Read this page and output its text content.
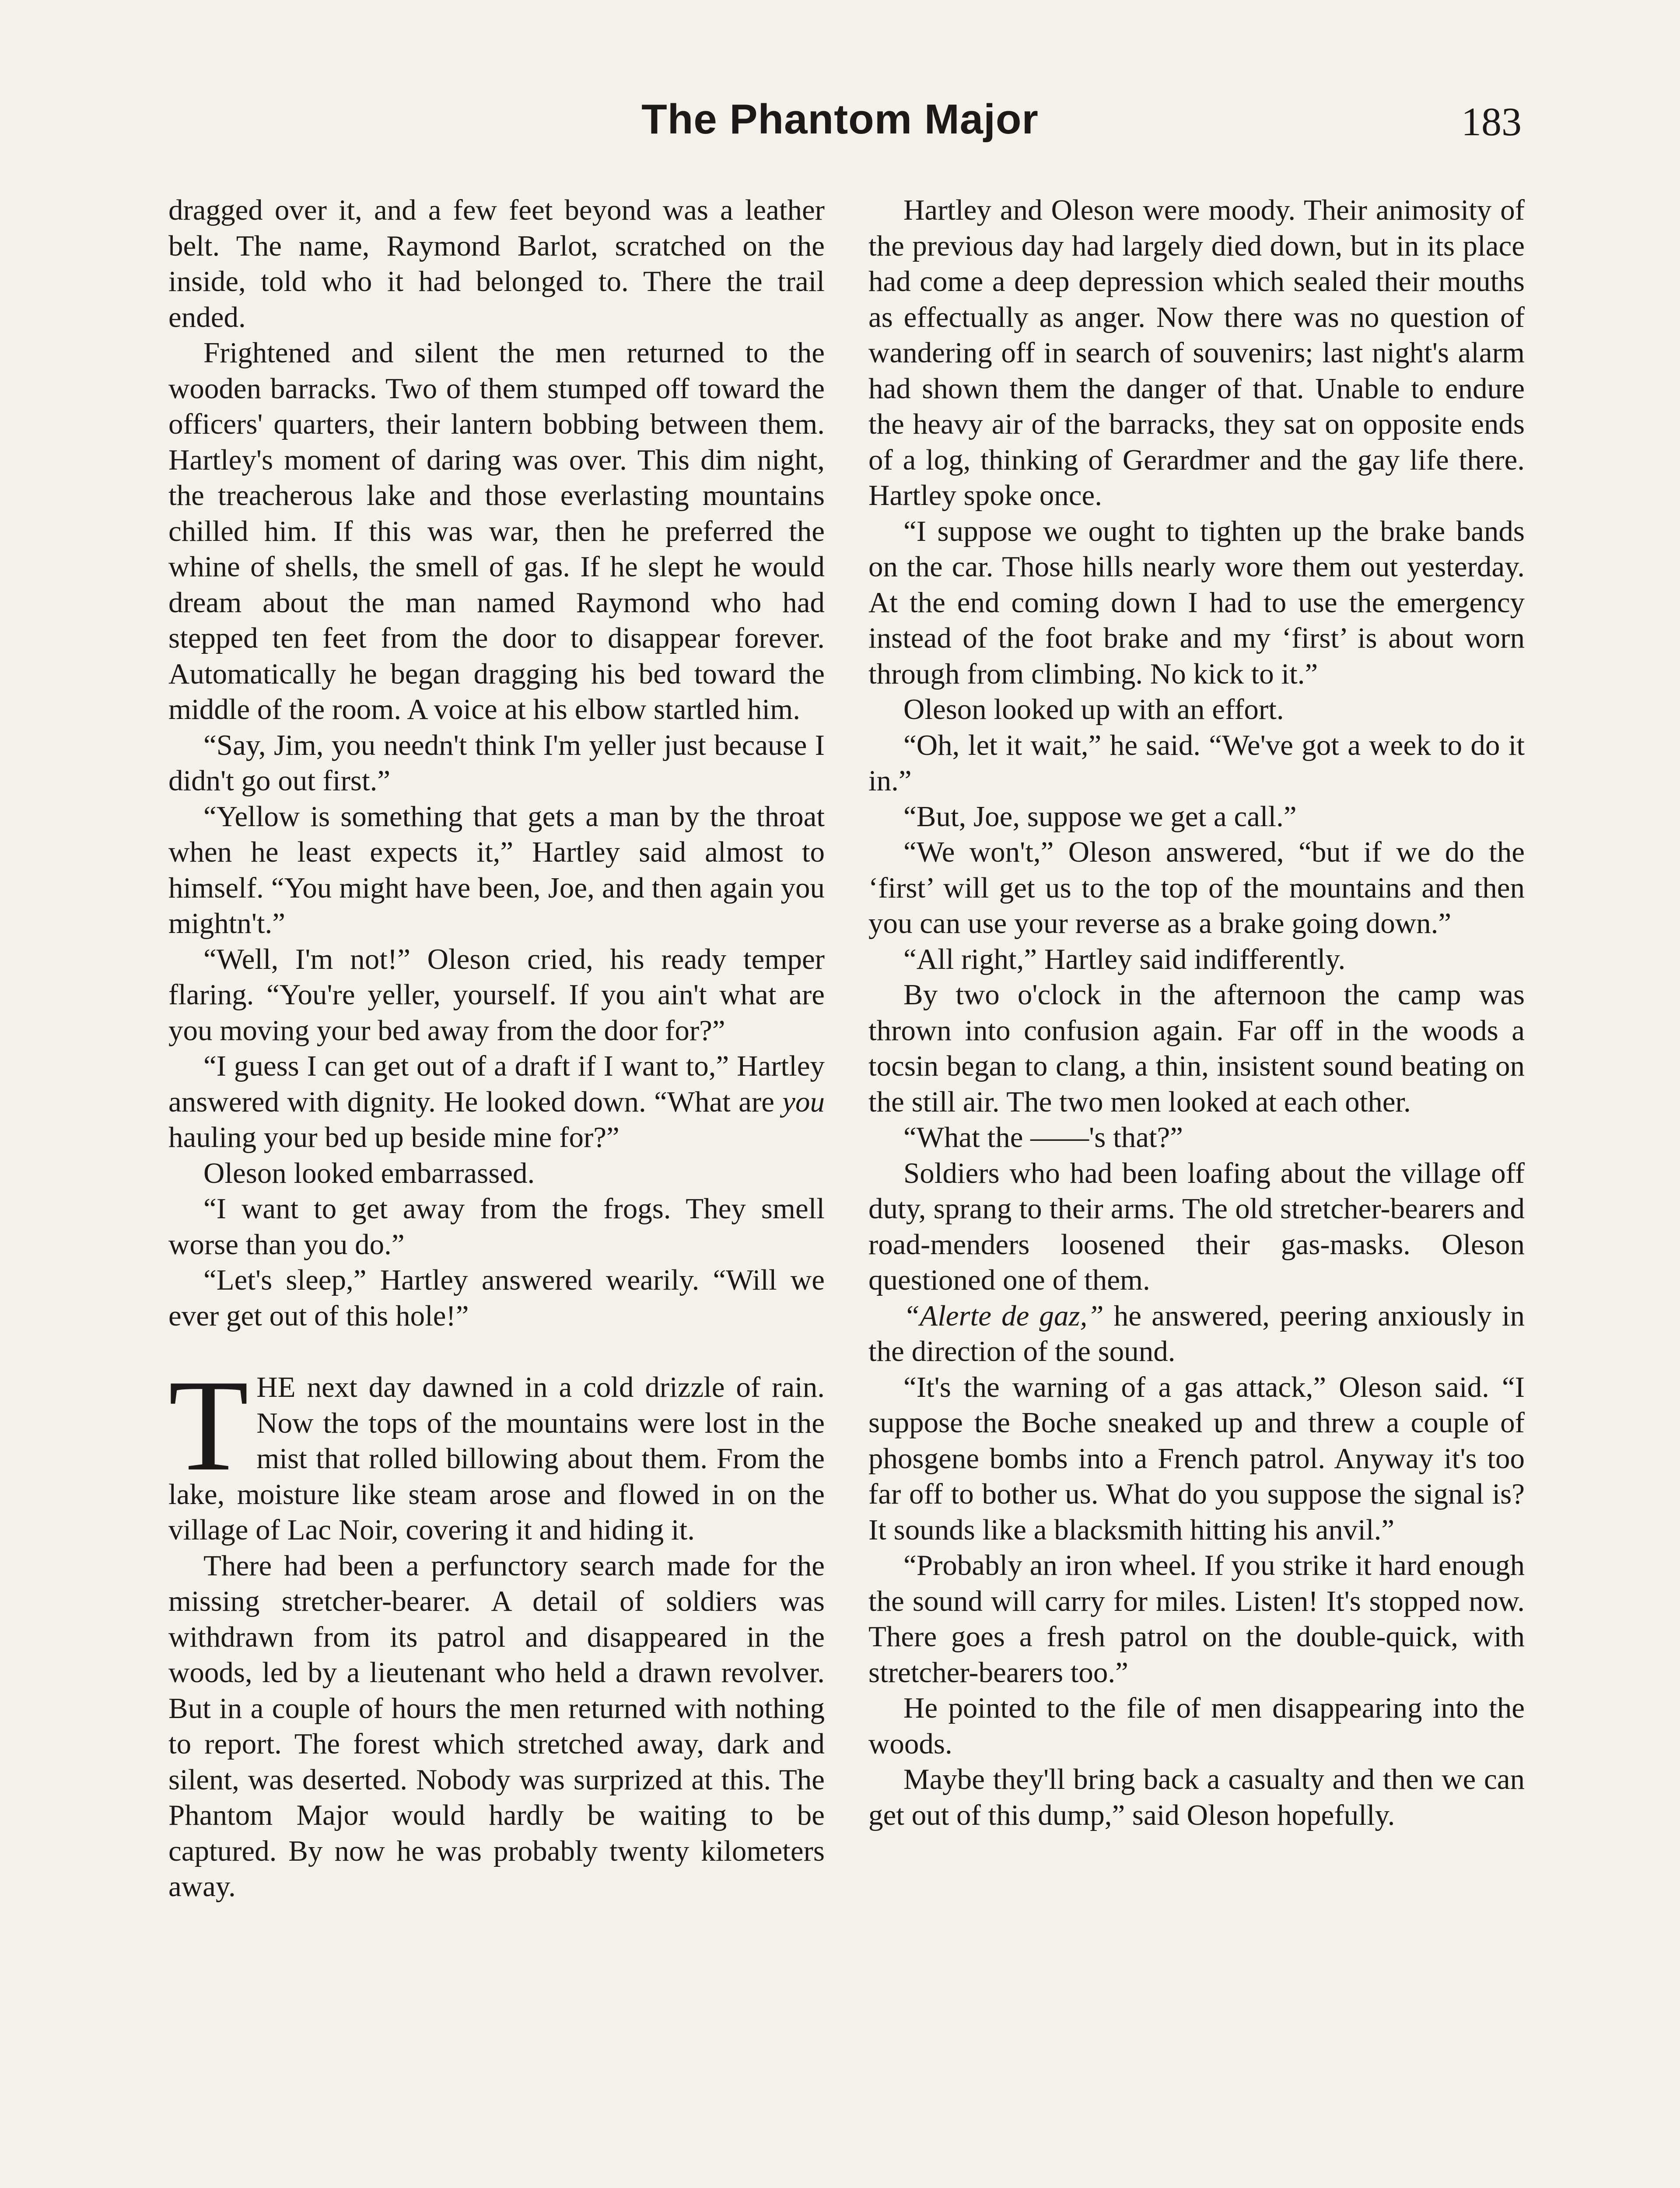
The Phantom Major	183

dragged over it, and a few feet beyond was a leather belt. The name, Raymond Barlot, scratched on the inside, told who it had belonged to. There the trail ended.

Frightened and silent the men returned to the wooden barracks. Two of them stumped off toward the officers' quarters, their lantern bobbing between them. Hartley's moment of daring was over. This dim night, the treacherous lake and those everlasting mountains chilled him. If this was war, then he preferred the whine of shells, the smell of gas. If he slept he would dream about the man named Raymond who had stepped ten feet from the door to disappear forever. Automatically he began dragging his bed toward the middle of the room. A voice at his elbow startled him.

“Say, Jim, you needn't think I'm yeller just because I didn't go out first.”

“Yellow is something that gets a man by the throat when he least expects it,” Hartley said almost to himself. “You might have been, Joe, and then again you mightn't.”

“Well, I'm not!” Oleson cried, his ready temper flaring. “You're yeller, yourself. If you ain't what are you moving your bed away from the door for?”

“I guess I can get out of a draft if I want to,” Hartley answered with dignity. He looked down. “What are you hauling your bed up beside mine for?”

Oleson looked embarrassed.

“I want to get away from the frogs. They smell worse than you do.”

“Let's sleep,” Hartley answered wearily. “Will we ever get out of this hole!”

THE next day dawned in a cold drizzle of rain. Now the tops of the mountains were lost in the mist that rolled billowing about them. From the lake, moisture like steam arose and flowed in on the village of Lac Noir, covering it and hiding it.

There had been a perfunctory search made for the missing stretcher-bearer. A detail of soldiers was withdrawn from its patrol and disappeared in the woods, led by a lieutenant who held a drawn revolver. But in a couple of hours the men returned with nothing to report. The forest which stretched away, dark and silent, was deserted. Nobody was surprized at this. The Phantom Major would hardly be waiting to be captured. By now he was probably twenty kilometers away.

Hartley and Oleson were moody. Their animosity of the previous day had largely died down, but in its place had come a deep depression which sealed their mouths as effectually as anger. Now there was no question of wandering off in search of souvenirs; last night's alarm had shown them the danger of that. Unable to endure the heavy air of the barracks, they sat on opposite ends of a log, thinking of Gerardmer and the gay life there. Hartley spoke once.

“I suppose we ought to tighten up the brake bands on the car. Those hills nearly wore them out yesterday. At the end coming down I had to use the emergency instead of the foot brake and my ‘first’ is about worn through from climbing. No kick to it.”

Oleson looked up with an effort.

“Oh, let it wait,” he said. “We've got a week to do it in.”

“But, Joe, suppose we get a call.”

“We won't,” Oleson answered, “but if we do the ‘first’ will get us to the top of the mountains and then you can use your reverse as a brake going down.”

“All right,” Hartley said indifferently.

By two o'clock in the afternoon the camp was thrown into confusion again. Far off in the woods a tocsin began to clang, a thin, insistent sound beating on the still air. The two men looked at each other.

“What the ——'s that?”

Soldiers who had been loafing about the village off duty, sprang to their arms. The old stretcher-bearers and road-menders loosened their gas-masks. Oleson questioned one of them.

“Alerte de gaz,” he answered, peering anxiously in the direction of the sound.

“It's the warning of a gas attack,” Oleson said. “I suppose the Boche sneaked up and threw a couple of phosgene bombs into a French patrol. Anyway it's too far off to bother us. What do you suppose the signal is? It sounds like a blacksmith hitting his anvil.”

“Probably an iron wheel. If you strike it hard enough the sound will carry for miles. Listen! It's stopped now. There goes a fresh patrol on the double-quick, with stretcher-bearers too.”

He pointed to the file of men disappearing into the woods.

Maybe they'll bring back a casualty and then we can get out of this dump,” said Oleson hopefully.
